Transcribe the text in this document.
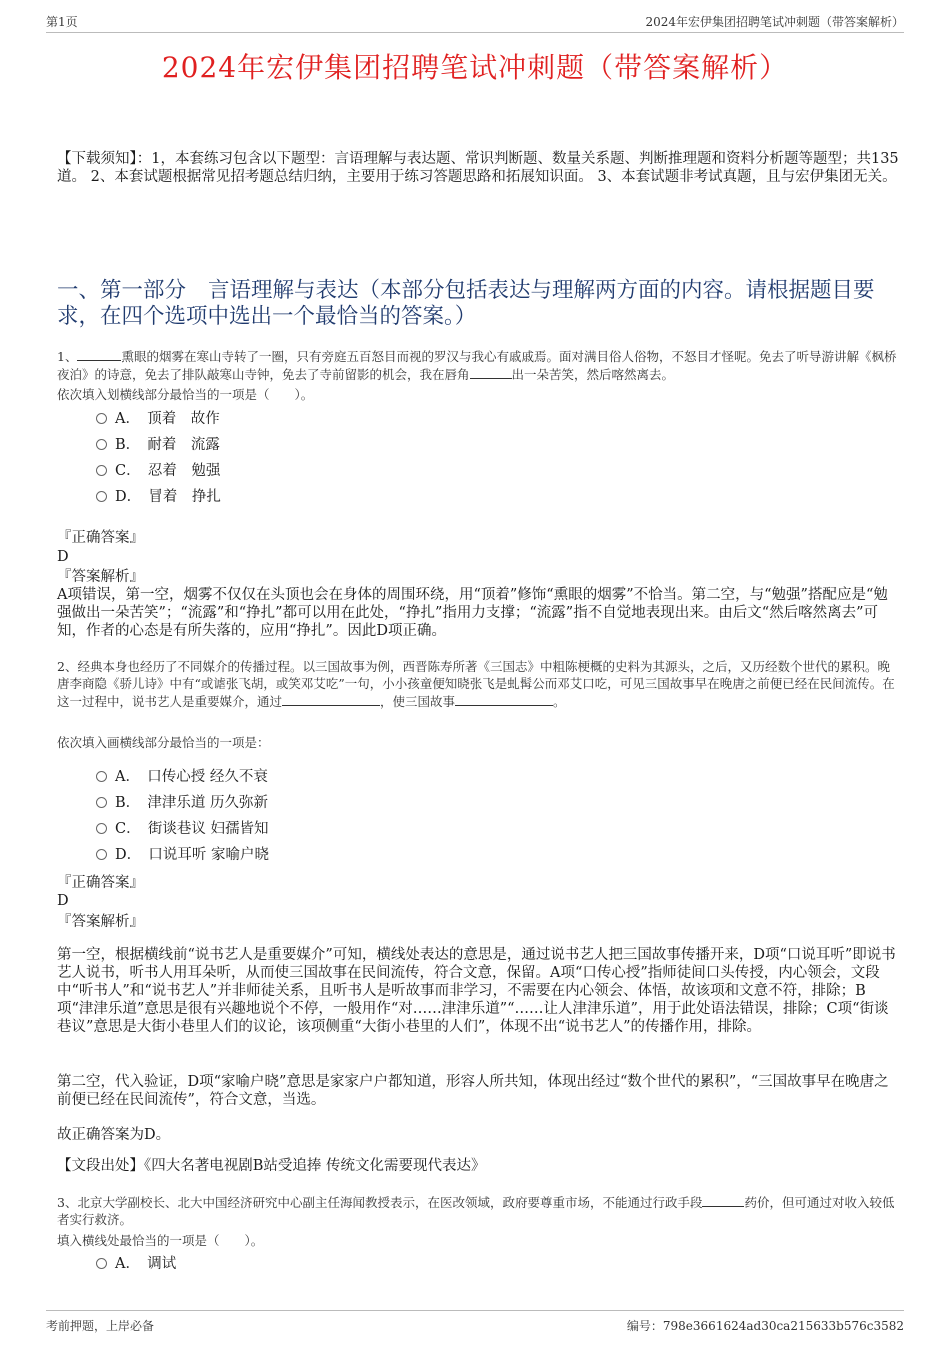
第1页	2024年宏伊集团招聘笔试冲刺题（带答案解析）
2024年宏伊集团招聘笔试冲刺题（带答案解析）
【下载须知】：1，本套练习包含以下题型：言语理解与表达题、常识判断题、数量关系题、判断推理题和资料分析题等题型；共135道。 2、本套试题根据常见招考题总结归纳，主要用于练习答题思路和拓展知识面。 3、本套试题非考试真题，且与宏伊集团无关。
一、第一部分 言语理解与表达（本部分包括表达与理解两方面的内容。请根据题目要求，在四个选项中选出一个最恰当的答案。）
1、	熏眼的烟雾在寒山寺转了一圈，只有旁庭五百怒目而视的罗汉与我心有戚戚焉。面对满目俗人俗物，不怒目才怪呢。免去了听导游讲解《枫桥夜泊》的诗意，免去了排队敲寒山寺钟，免去了寺前留影的机会，我在唇角	出一朵苦笑，然后喀然离去。
依次填入划横线部分最恰当的一项是（　　）。
A．　顶着　故作
B．　耐着　流露
C．　忍着　勉强
D．　冒着　挣扎
『正确答案』
D
『答案解析』
A项错误，第一空，烟雾不仅仅在头顶也会在身体的周围环绕，用“顶着”修饰“熏眼的烟雾”不恰当。第二空，与“勉强”搭配应是“勉强做出一朵苦笑”；“流露”和“挣扎”都可以用在此处，“挣扎”指用力支撑；“流露”指不自觉地表现出来。由后文“然后喀然离去”可知，作者的心态是有所失落的，应用“挣扎”。因此D项正确。
2、经典本身也经历了不同媒介的传播过程。以三国故事为例，西晋陈寿所著《三国志》中粗陈梗概的史料为其源头，之后，又历经数个世代的累积。晚唐李商隐《骄儿诗》中有“或谑张飞胡，或笑邓艾吃”一句，小小孩童便知晓张飞是虬髯公而邓艾口吃，可见三国故事早在晚唐之前便已经在民间流传。在这一过程中，说书艺人是重要媒介，通过	，使三国故事	。
依次填入画横线部分最恰当的一项是：
A．　口传心授 经久不衰
B．　津津乐道 历久弥新
C．　街谈巷议 妇孺皆知
D．　口说耳听 家喻户晓
『正确答案』
D
『答案解析』
第一空，根据横线前“说书艺人是重要媒介”可知，横线处表达的意思是，通过说书艺人把三国故事传播开来，D项“口说耳听”即说书艺人说书，听书人用耳朵听，从而使三国故事在民间流传，符合文意，保留。A项“口传心授”指师徒间口头传授，内心领会，文段中“听书人”和“说书艺人”并非师徒关系，且听书人是听故事而非学习，不需要在内心领会、体悟，故该项和文意不符，排除；B项“津津乐道”意思是很有兴趣地说个不停，一般用作“对……津津乐道”“……让人津津乐道”，用于此处语法错误，排除；C项“街谈巷议”意思是大街小巷里人们的议论，该项侧重“大街小巷里的人们”，体现不出“说书艺人”的传播作用，排除。
第二空，代入验证，D项“家喻户晓”意思是家家户户都知道，形容人所共知，体现出经过“数个世代的累积”，“三国故事早在晚唐之前便已经在民间流传”，符合文意，当选。
故正确答案为D。
【文段出处】《四大名著电视剧B站受追捧 传统文化需要现代表达》
3、北京大学副校长、北大中国经济研究中心副主任海闻教授表示，在医改领域，政府要尊重市场，不能通过行政手段	药价，但可通过对收入较低者实行救济。
填入横线处最恰当的一项是（　　）。
A．　调试
考前押题，上岸必备	编号：798e3661624ad30ca215633b576c3582
